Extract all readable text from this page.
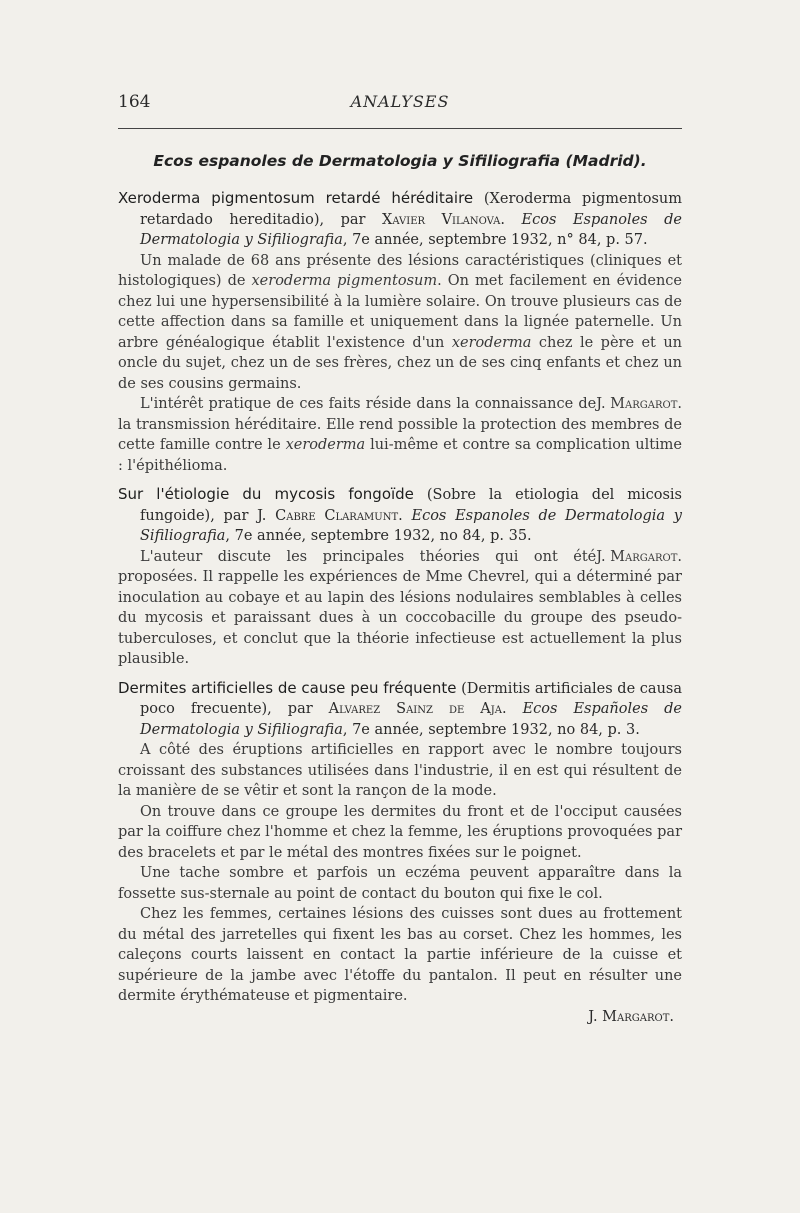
164	ANALYSES
Ecos espanoles de Dermatologia y Sifiliografia (Madrid).

Xeroderma pigmentosum retardé héréditaire (Xeroderma pigmentosum retardado hereditadio), par Xavier Vilanova. Ecos Espanoles de Dermatologia y Sifiliografia, 7e année, septembre 1932, n° 84, p. 57.

Un malade de 68 ans présente des lésions caractéristiques (cliniques et histologiques) de xeroderma pigmentosum. On met facilement en évidence chez lui une hypersensibilité à la lumière solaire. On trouve plusieurs cas de cette affection dans sa famille et uniquement dans la lignée paternelle. Un arbre généalogique établit l'existence d'un xeroderma chez le père et un oncle du sujet, chez un de ses frères, chez un de ses cinq enfants et chez un de ses cousins germains.

J. Margarot.
L'intérêt pratique de ces faits réside dans la connaissance de la transmission héréditaire. Elle rend possible la protection des membres de cette famille contre le xeroderma lui-même et contre sa complication ultime : l'épithélioma.

Sur l'étiologie du mycosis fongoïde (Sobre la etiologia del micosis fungoide), par J. Cabre Claramunt. Ecos Espanoles de Dermatologia y Sifiliografia, 7e année, septembre 1932, no 84, p. 35.

J. Margarot.
L'auteur discute les principales théories qui ont été proposées. Il rappelle les expériences de Mme Chevrel, qui a déterminé par inoculation au cobaye et au lapin des lésions nodulaires semblables à celles du mycosis et paraissant dues à un coccobacille du groupe des pseudo-tuberculoses, et conclut que la théorie infectieuse est actuellement la plus plausible.

Dermites artificielles de cause peu fréquente (Dermitis artificiales de causa poco frecuente), par Alvarez Sainz de Aja. Ecos Españoles de Dermatologia y Sifiliografia, 7e année, septembre 1932, no 84, p. 3.

A côté des éruptions artificielles en rapport avec le nombre toujours croissant des substances utilisées dans l'industrie, il en est qui résultent de la manière de se vêtir et sont la rançon de la mode.

On trouve dans ce groupe les dermites du front et de l'occiput causées par la coiffure chez l'homme et chez la femme, les éruptions provoquées par des bracelets et par le métal des montres fixées sur le poignet.

Une tache sombre et parfois un eczéma peuvent apparaître dans la fossette sus-sternale au point de contact du bouton qui fixe le col.

Chez les femmes, certaines lésions des cuisses sont dues au frottement du métal des jarretelles qui fixent les bas au corset. Chez les hommes, les caleçons courts laissent en contact la partie inférieure de la cuisse et supérieure de la jambe avec l'étoffe du pantalon. Il peut en résulter une dermite érythémateuse et pigmentaire.

J. Margarot.
